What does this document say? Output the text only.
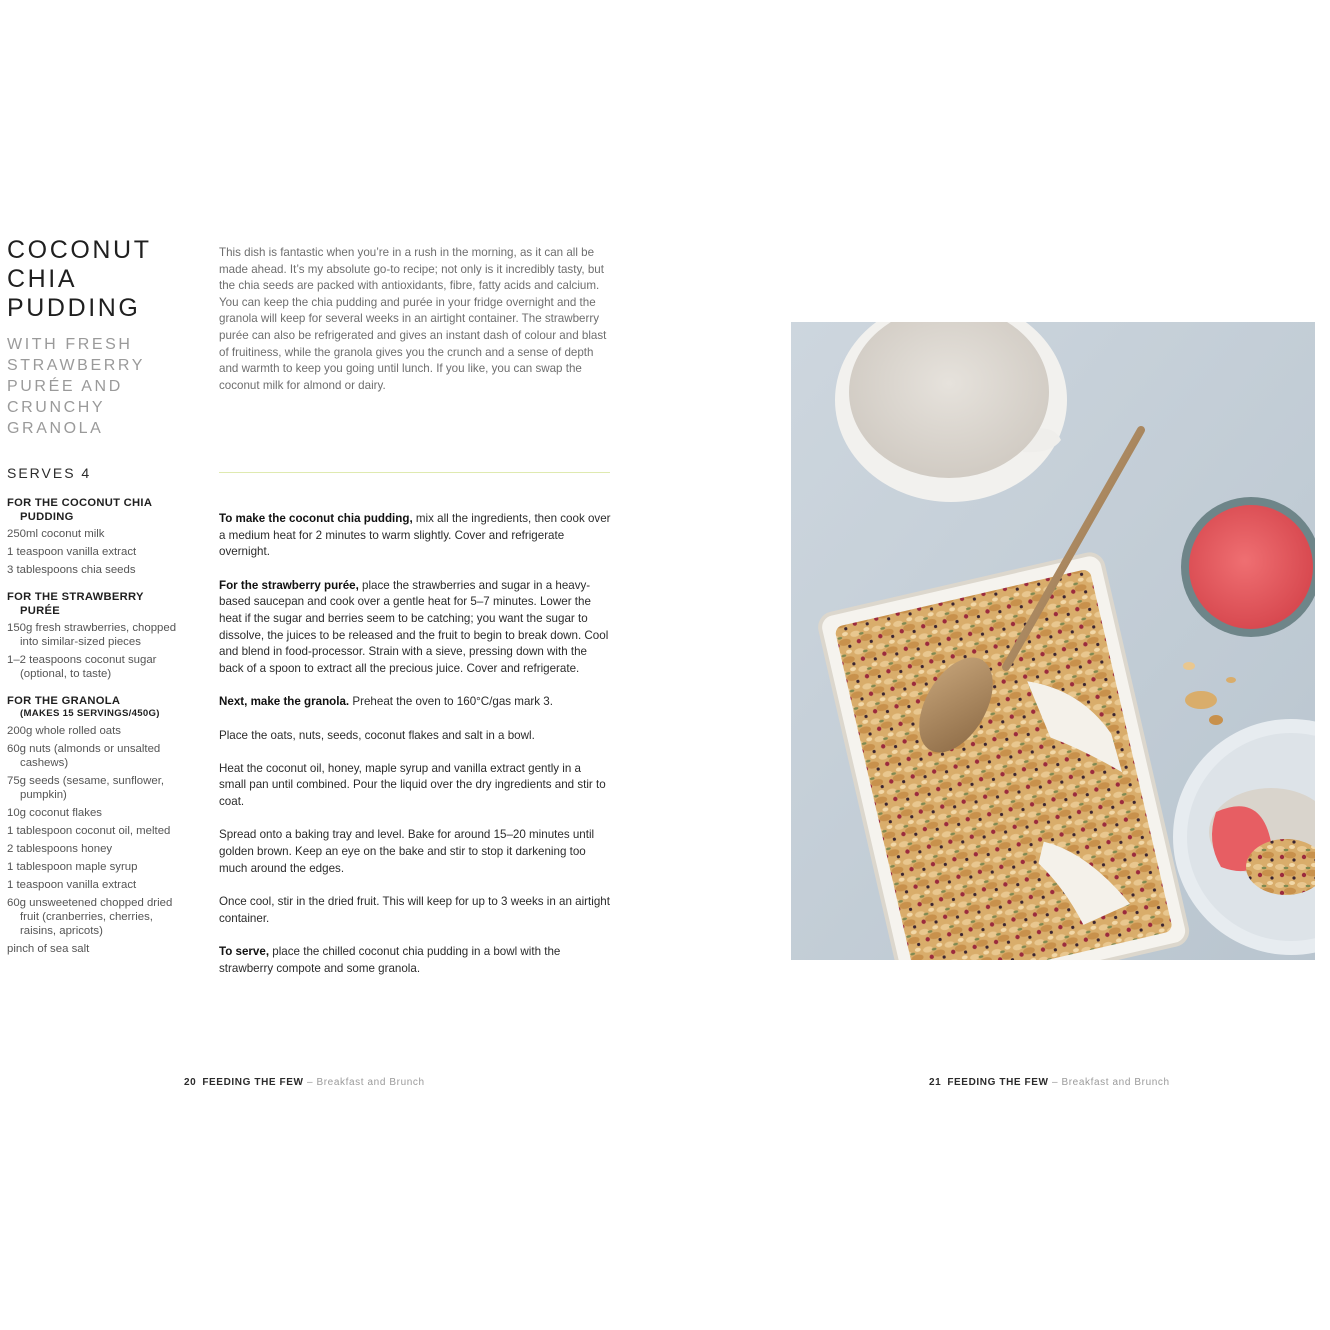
COCONUT
CHIA
PUDDING
WITH FRESH
STRAWBERRY
PURÉE AND
CRUNCHY
GRANOLA
SERVES 4
FOR THE COCONUT CHIA PUDDING
250ml coconut milk
1 teaspoon vanilla extract
3 tablespoons chia seeds
FOR THE STRAWBERRY PURÉE
150g fresh strawberries, chopped into similar-sized pieces
1–2 teaspoons coconut sugar (optional, to taste)
FOR THE GRANOLA
(MAKES 15 SERVINGS/450G)
200g whole rolled oats
60g nuts (almonds or unsalted cashews)
75g seeds (sesame, sunflower, pumpkin)
10g coconut flakes
1 tablespoon coconut oil, melted
2 tablespoons honey
1 tablespoon maple syrup
1 teaspoon vanilla extract
60g unsweetened chopped dried fruit (cranberries, cherries, raisins, apricots)
pinch of sea salt

This dish is fantastic when you’re in a rush in the morning, as it can all be made ahead. It’s my absolute go-to recipe; not only is it incredibly tasty, but the chia seeds are packed with antioxidants, fibre, fatty acids and calcium. You can keep the chia pudding and purée in your fridge overnight and the granola will keep for several weeks in an airtight container. The strawberry purée can also be refrigerated and gives an instant dash of colour and blast of fruitiness, while the granola gives you the crunch and a sense of depth and warmth to keep you going until lunch. If you like, you can swap the coconut milk for almond or dairy.

To make the coconut chia pudding, mix all the ingredients, then cook over a medium heat for 2 minutes to warm slightly. Cover and refrigerate overnight.

For the strawberry purée, place the strawberries and sugar in a heavy-based saucepan and cook over a gentle heat for 5–7 minutes. Lower the heat if the sugar and berries seem to be catching; you want the sugar to dissolve, the juices to be released and the fruit to begin to break down. Cool and blend in food-processor. Strain with a sieve, pressing down with the back of a spoon to extract all the precious juice. Cover and refrigerate.

Next, make the granola. Preheat the oven to 160°C/gas mark 3.

Place the oats, nuts, seeds, coconut flakes and salt in a bowl.

Heat the coconut oil, honey, maple syrup and vanilla extract gently in a small pan until combined. Pour the liquid over the dry ingredients and stir to coat.

Spread onto a baking tray and level. Bake for around 15–20 minutes until golden brown. Keep an eye on the bake and stir to stop it darkening too much around the edges.

Once cool, stir in the dried fruit. This will keep for up to 3 weeks in an airtight container.

To serve, place the chilled coconut chia pudding in a bowl with the strawberry compote and some granola.

20 FEEDING THE FEW – Breakfast and Brunch	21 FEEDING THE FEW – Breakfast and Brunch
